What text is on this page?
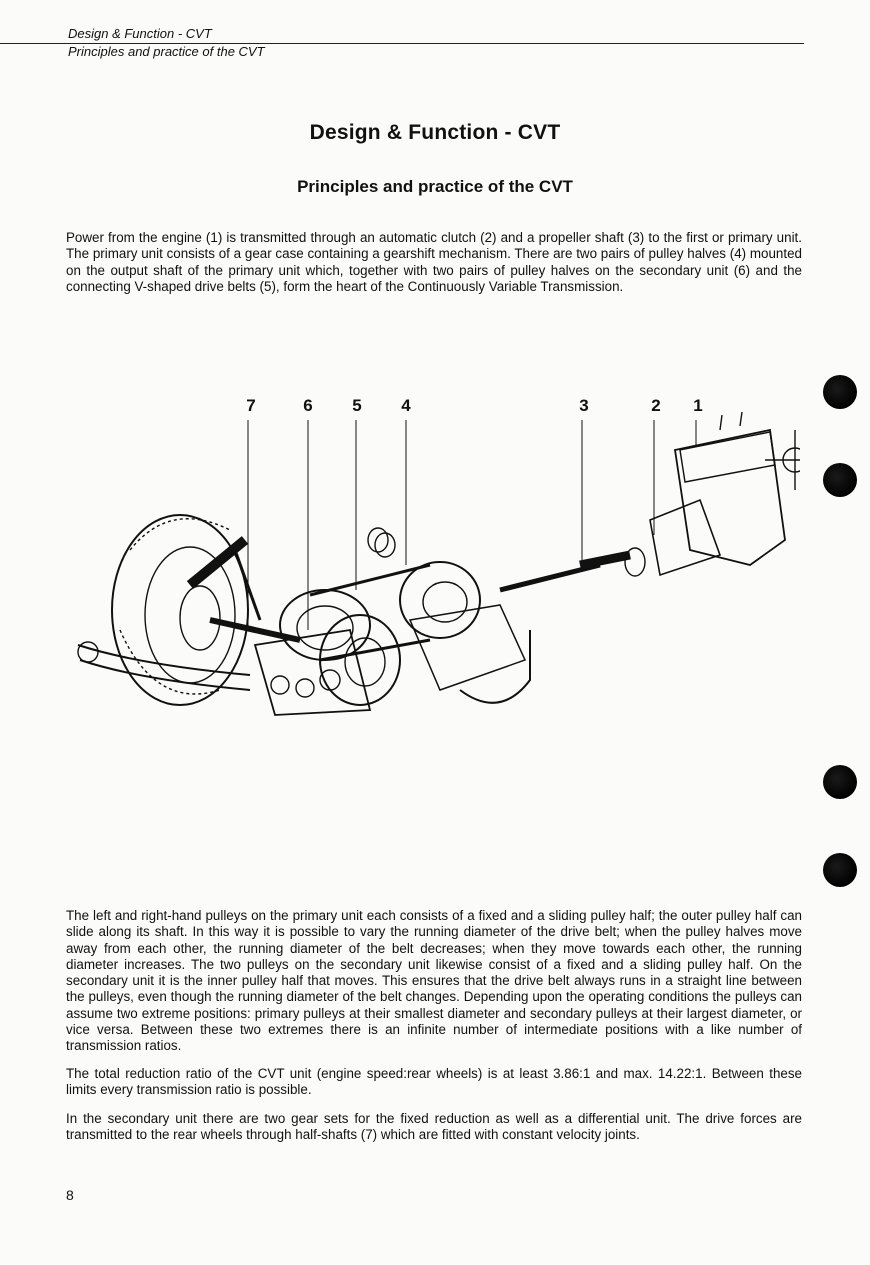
Design & Function - CVT
Principles and practice of the CVT
Design & Function - CVT
Principles and practice of the CVT

Power from the engine (1) is transmitted through an automatic clutch (2) and a propeller shaft (3) to the first or primary unit. The primary unit consists of a gear case containing a gearshift mechanism. There are two pairs of pulley halves (4) mounted on the output shaft of the primary unit which, together with two pairs of pulley halves on the secondary unit (6) and the connecting V-shaped drive belts (5), form the heart of the Continuously Variable Transmission.

7	6 5 4	3	2 1

The left and right-hand pulleys on the primary unit each consists of a fixed and a sliding pulley half; the outer pulley half can slide along its shaft. In this way it is possible to vary the running diameter of the drive belt; when the pulley halves move away from each other, the running diameter of the belt decreases; when they move towards each other, the running diameter increases. The two pulleys on the secondary unit likewise consist of a fixed and a sliding pulley half. On the secondary unit it is the inner pulley half that moves. This ensures that the drive belt always runs in a straight line between the pulleys, even though the running diameter of the belt changes. Depending upon the operating conditions the pulleys can assume two extreme positions: primary pulleys at their smallest diameter and secondary pulleys at their largest diameter, or vice versa. Between these two extremes there is an infinite number of intermediate positions with a like number of transmission ratios.

The total reduction ratio of the CVT unit (engine speed:rear wheels) is at least 3.86:1 and max. 14.22:1. Between these limits every transmission ratio is possible.

In the secondary unit there are two gear sets for the fixed reduction as well as a differential unit. The drive forces are transmitted to the rear wheels through half-shafts (7) which are fitted with constant velocity joints.

8
